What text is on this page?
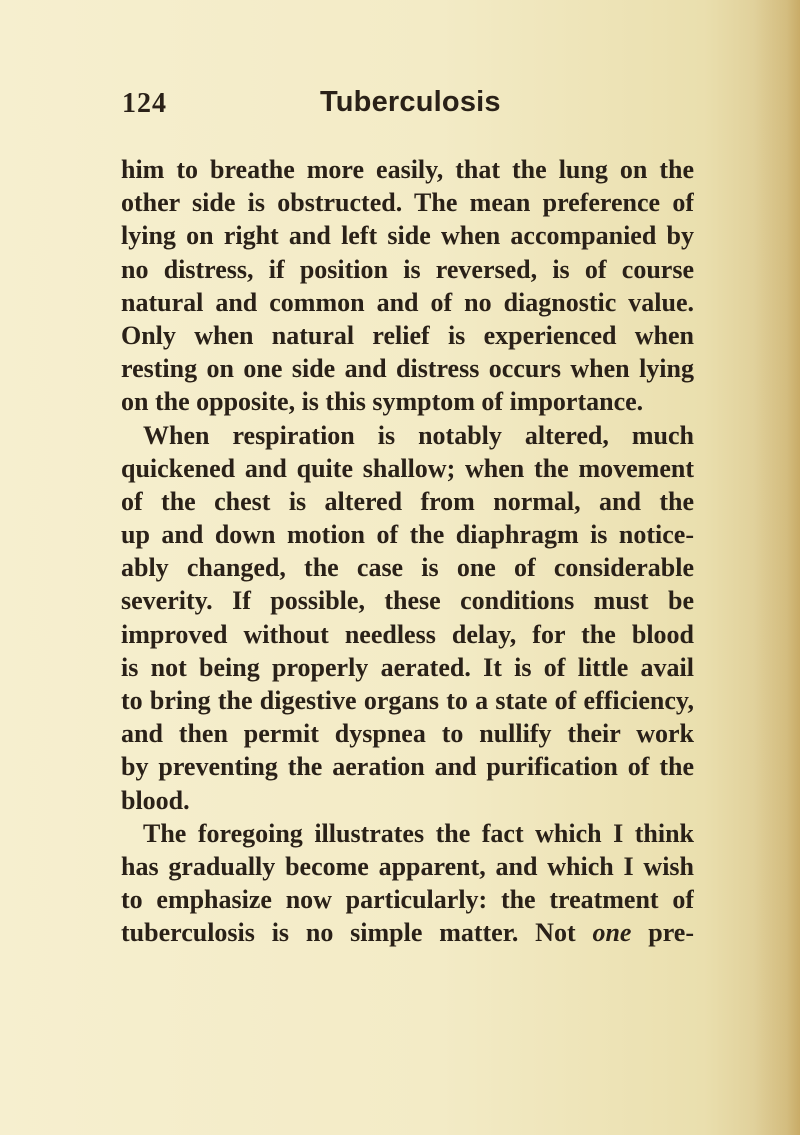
124	Tuberculosis
him to breathe more easily, that the lung on the
other side is obstructed. The mean preference of
lying on right and left side when accompanied by
no distress, if position is reversed, is of course
natural and common and of no diagnostic value.
Only when natural relief is experienced when
resting on one side and distress occurs when lying
on the opposite, is this symptom of importance.
When respiration is notably altered, much
quickened and quite shallow; when the movement
of the chest is altered from normal, and the
up and down motion of the diaphragm is notice-
ably changed, the case is one of considerable
severity. If possible, these conditions must be
improved without needless delay, for the blood
is not being properly aerated. It is of little avail
to bring the digestive organs to a state of efficiency,
and then permit dyspnea to nullify their work
by preventing the aeration and purification of the
blood.
The foregoing illustrates the fact which I think
has gradually become apparent, and which I wish
to emphasize now particularly: the treatment of
tuberculosis is no simple matter. Not one pre-
